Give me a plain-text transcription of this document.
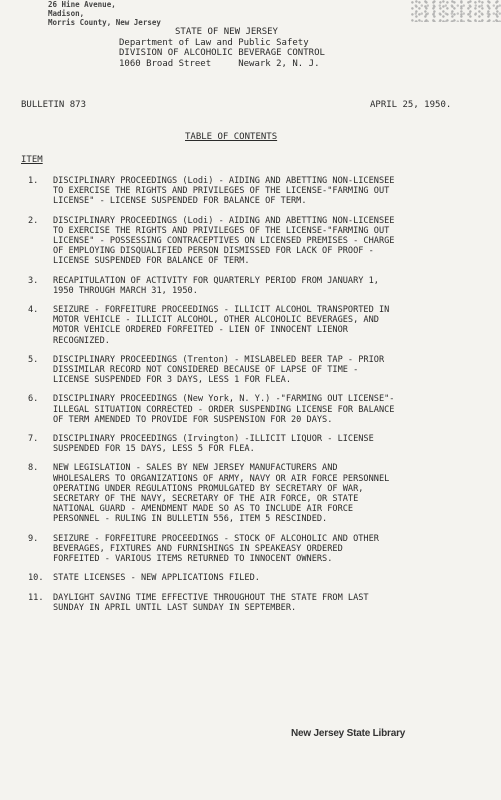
26 Hine Avenue,
Madison,
Morris County, New Jersey
STATE OF NEW JERSEY
Department of Law and Public Safety
DIVISION OF ALCOHOLIC BEVERAGE CONTROL
1060 Broad Street     Newark 2, N. J.
BULLETIN 873	APRIL 25, 1950.
TABLE OF CONTENTS
ITEM
1.	DISCIPLINARY PROCEEDINGS (Lodi) - AIDING AND ABETTING NON-LICENSEE
TO EXERCISE THE RIGHTS AND PRIVILEGES OF THE LICENSE-"FARMING OUT
LICENSE" - LICENSE SUSPENDED FOR BALANCE OF TERM.
2.	DISCIPLINARY PROCEEDINGS (Lodi) - AIDING AND ABETTING NON-LICENSEE
TO EXERCISE THE RIGHTS AND PRIVILEGES OF THE LICENSE-"FARMING OUT
LICENSE" - POSSESSING CONTRACEPTIVES ON LICENSED PREMISES - CHARGE
OF EMPLOYING DISQUALIFIED PERSON DISMISSED FOR LACK OF PROOF -
LICENSE SUSPENDED FOR BALANCE OF TERM.
3.	RECAPITULATION OF ACTIVITY FOR QUARTERLY PERIOD FROM JANUARY 1,
1950 THROUGH MARCH 31, 1950.
4.	SEIZURE - FORFEITURE PROCEEDINGS - ILLICIT ALCOHOL TRANSPORTED IN
MOTOR VEHICLE - ILLICIT ALCOHOL, OTHER ALCOHOLIC BEVERAGES, AND
MOTOR VEHICLE ORDERED FORFEITED - LIEN OF INNOCENT LIENOR
RECOGNIZED.
5.	DISCIPLINARY PROCEEDINGS (Trenton) - MISLABELED BEER TAP - PRIOR
DISSIMILAR RECORD NOT CONSIDERED BECAUSE OF LAPSE OF TIME -
LICENSE SUSPENDED FOR 3 DAYS, LESS 1 FOR FLEA.
6.	DISCIPLINARY PROCEEDINGS (New York, N. Y.) -"FARMING OUT LICENSE"-
ILLEGAL SITUATION CORRECTED - ORDER SUSPENDING LICENSE FOR BALANCE
OF TERM AMENDED TO PROVIDE FOR SUSPENSION FOR 20 DAYS.
7.	DISCIPLINARY PROCEEDINGS (Irvington) -ILLICIT LIQUOR - LICENSE
SUSPENDED FOR 15 DAYS, LESS 5 FOR FLEA.
8.	NEW LEGISLATION - SALES BY NEW JERSEY MANUFACTURERS AND
WHOLESALERS TO ORGANIZATIONS OF ARMY, NAVY OR AIR FORCE PERSONNEL
OPERATING UNDER REGULATIONS PROMULGATED BY SECRETARY OF WAR,
SECRETARY OF THE NAVY, SECRETARY OF THE AIR FORCE, OR STATE
NATIONAL GUARD - AMENDMENT MADE SO AS TO INCLUDE AIR FORCE
PERSONNEL - RULING IN BULLETIN 556, ITEM 5 RESCINDED.
9.	SEIZURE - FORFEITURE PROCEEDINGS - STOCK OF ALCOHOLIC AND OTHER
BEVERAGES, FIXTURES AND FURNISHINGS IN SPEAKEASY ORDERED
FORFEITED - VARIOUS ITEMS RETURNED TO INNOCENT OWNERS.
10.	STATE LICENSES - NEW APPLICATIONS FILED.
11.	DAYLIGHT SAVING TIME EFFECTIVE THROUGHOUT THE STATE FROM LAST
SUNDAY IN APRIL UNTIL LAST SUNDAY IN SEPTEMBER.
New Jersey State Library
